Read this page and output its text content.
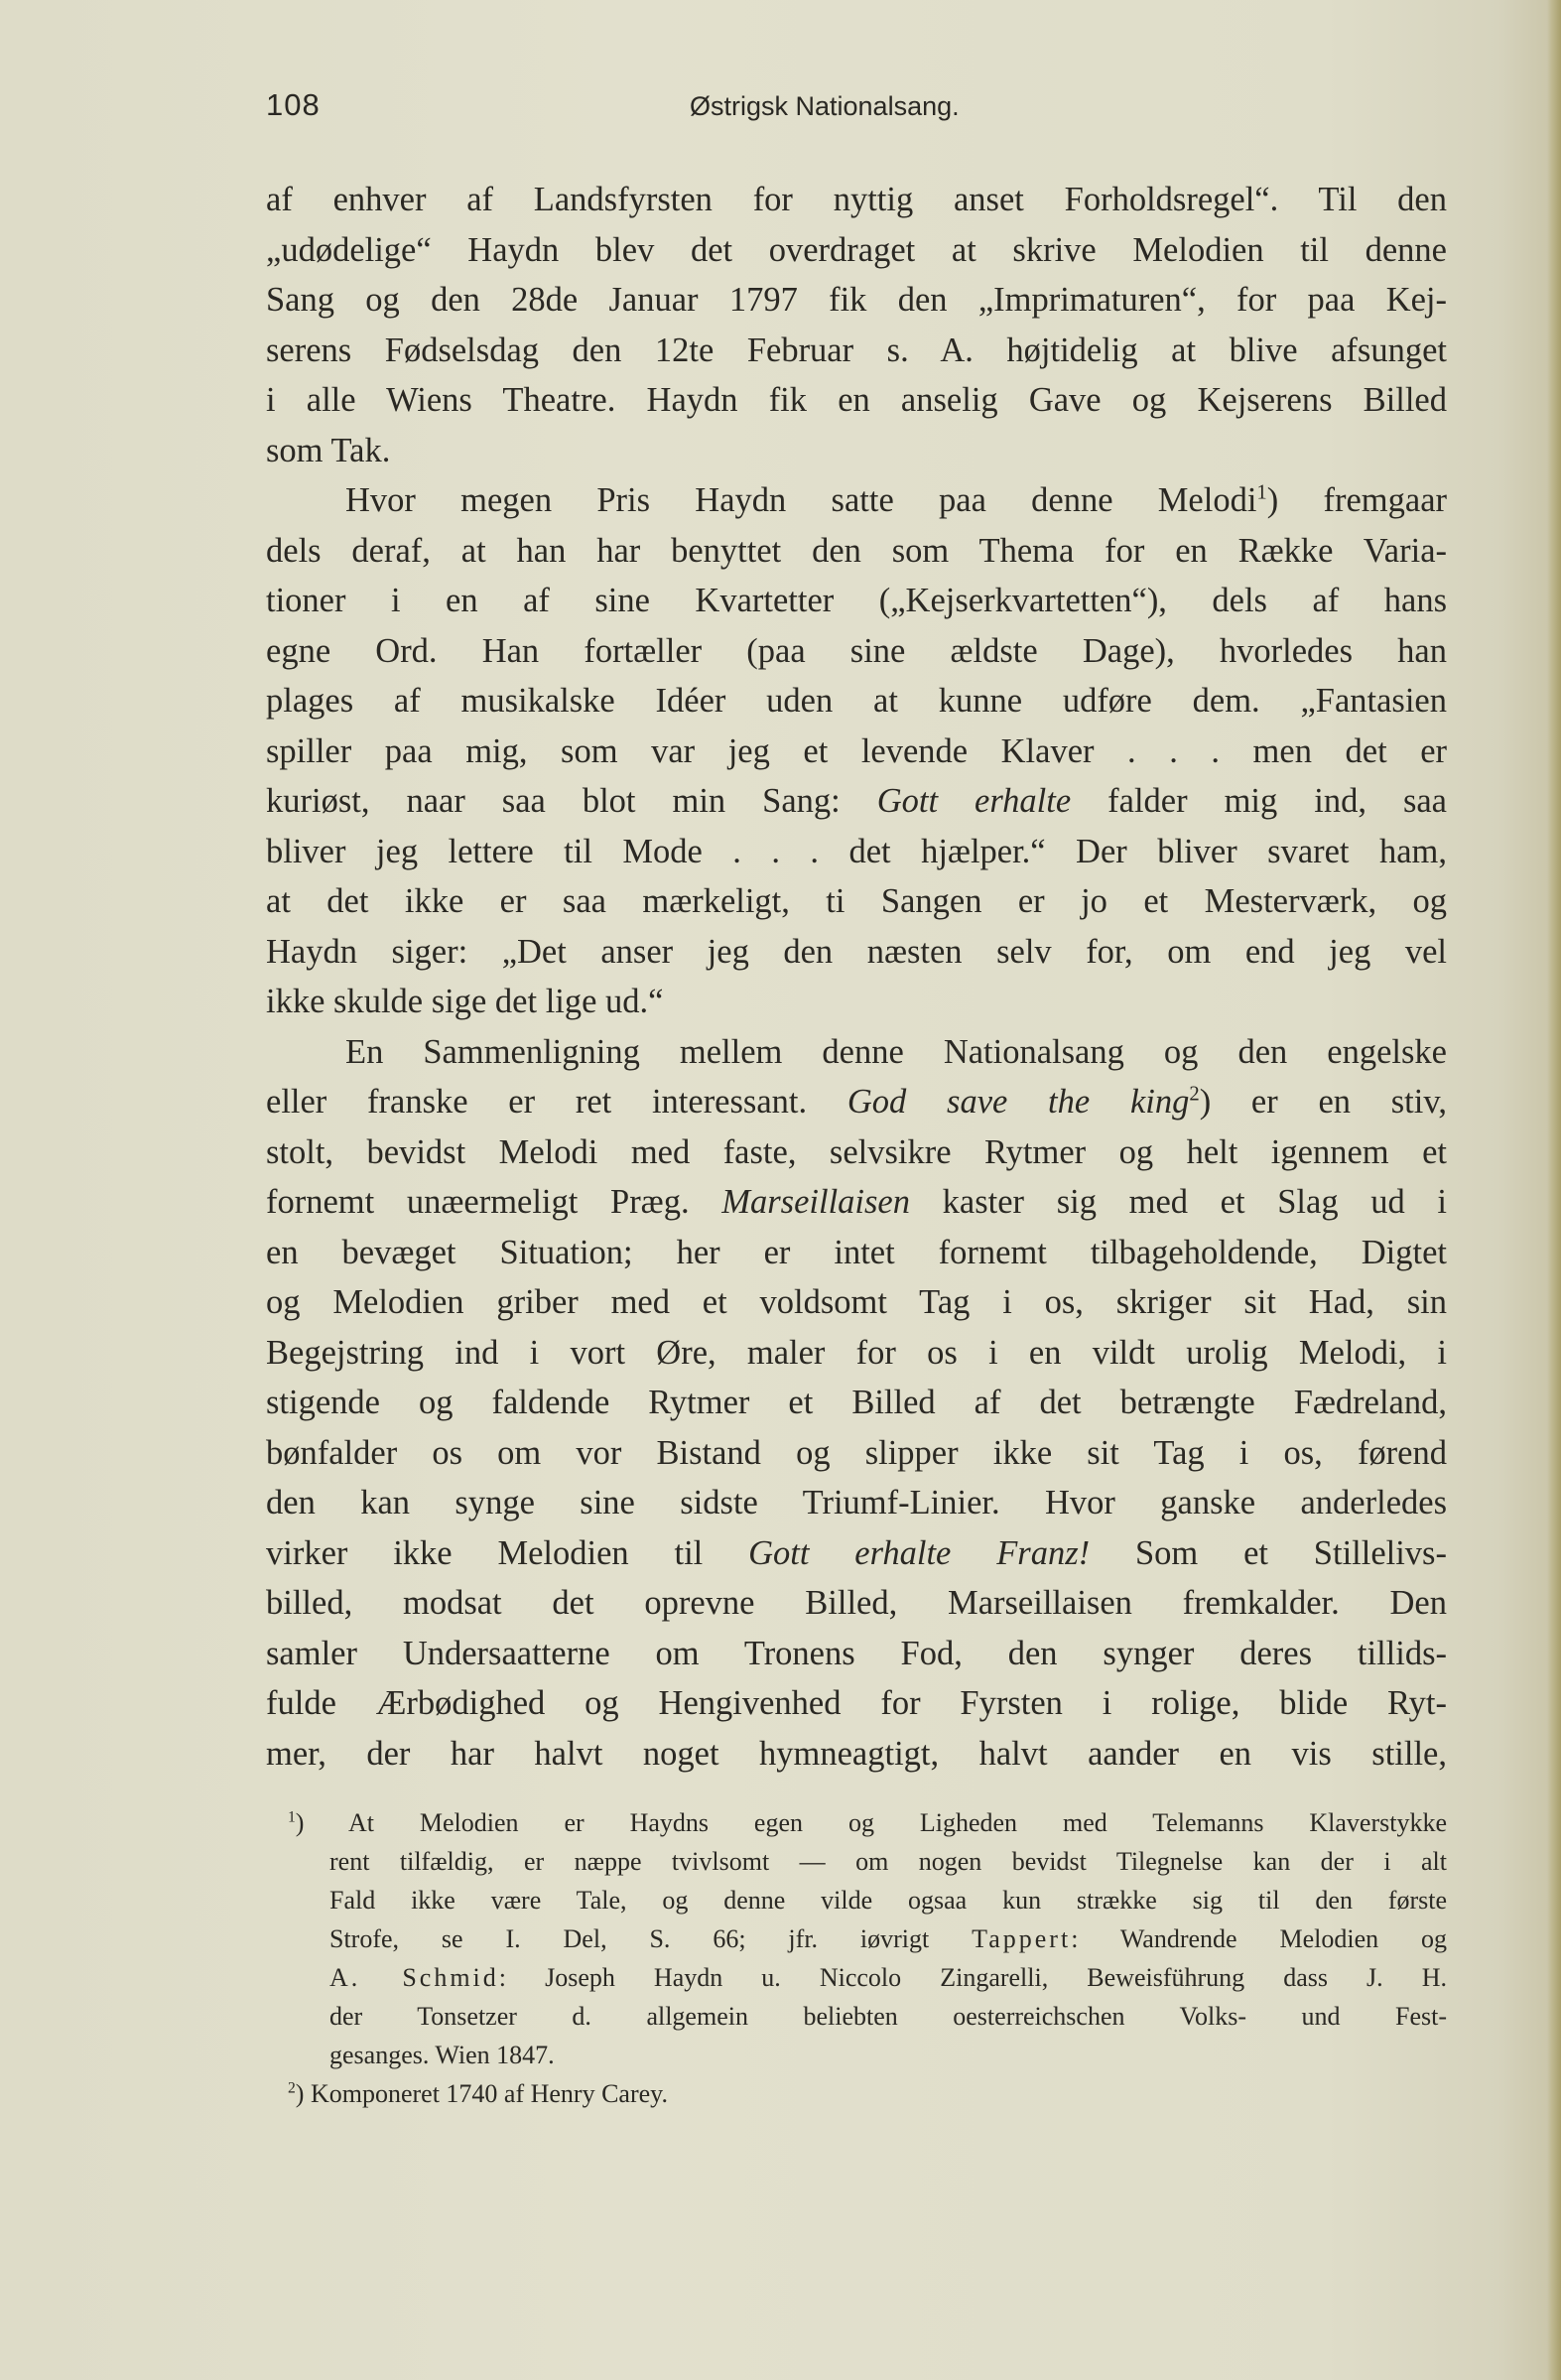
108	Østrigsk Nationalsang.
af enhver af Landsfyrsten for nyttig anset Forholdsregel“. Til den
„udødelige“ Haydn blev det overdraget at skrive Melodien til denne
Sang og den 28de Januar 1797 fik den „Imprimaturen“, for paa Kej-
serens Fødselsdag den 12te Februar s. A. højtidelig at blive afsunget
i alle Wiens Theatre. Haydn fik en anselig Gave og Kejserens Billed
som Tak.
Hvor megen Pris Haydn satte paa denne Melodi$^1$) fremgaar
dels deraf, at han har benyttet den som Thema for en Række Varia-
tioner i en af sine Kvartetter („Kejserkvartetten“), dels af hans
egne Ord. Han fortæller (paa sine ældste Dage), hvorledes han
plages af musikalske Idéer uden at kunne udføre dem. „Fantasien
spiller paa mig, som var jeg et levende Klaver . . . men det er
kuriøst, naar saa blot min Sang: Gott erhalte falder mig ind, saa
bliver jeg lettere til Mode . . . det hjælper.“ Der bliver svaret ham,
at det ikke er saa mærkeligt, ti Sangen er jo et Mesterværk, og
Haydn siger: „Det anser jeg den næsten selv for, om end jeg vel
ikke skulde sige det lige ud.“
En Sammenligning mellem denne Nationalsang og den engelske
eller franske er ret interessant. God save the king$^2$) er en stiv,
stolt, bevidst Melodi med faste, selvsikre Rytmer og helt igennem et
fornemt unæermeligt Præg. Marseillaisen kaster sig med et Slag ud i
en bevæget Situation; her er intet fornemt tilbageholdende, Digtet
og Melodien griber med et voldsomt Tag i os, skriger sit Had, sin
Begejstring ind i vort Øre, maler for os i en vildt urolig Melodi, i
stigende og faldende Rytmer et Billed af det betrængte Fædreland,
bønfalder os om vor Bistand og slipper ikke sit Tag i os, førend
den kan synge sine sidste Triumf-Linier. Hvor ganske anderledes
virker ikke Melodien til Gott erhalte Franz! Som et Stillelivs-
billed, modsat det oprevne Billed, Marseillaisen fremkalder. Den
samler Undersaatterne om Tronens Fod, den synger deres tillids-
fulde Ærbødighed og Hengivenhed for Fyrsten i rolige, blide Ryt-
mer, der har halvt noget hymneagtigt, halvt aander en vis stille,
$^1$) At Melodien er Haydns egen og Ligheden med Telemanns Klaverstykke
rent tilfældig, er næppe tvivlsomt — om nogen bevidst Tilegnelse kan der i alt
Fald ikke være Tale, og denne vilde ogsaa kun strække sig til den første
Strofe, se I. Del, S. 66; jfr. iøvrigt Tappert: Wandrende Melodien og
A. Schmid: Joseph Haydn u. Niccolo Zingarelli, Beweisführung dass J. H.
der Tonsetzer d. allgemein beliebten oesterreichschen Volks- und Fest-
gesanges. Wien 1847.
$^2$) Komponeret 1740 af Henry Carey.
